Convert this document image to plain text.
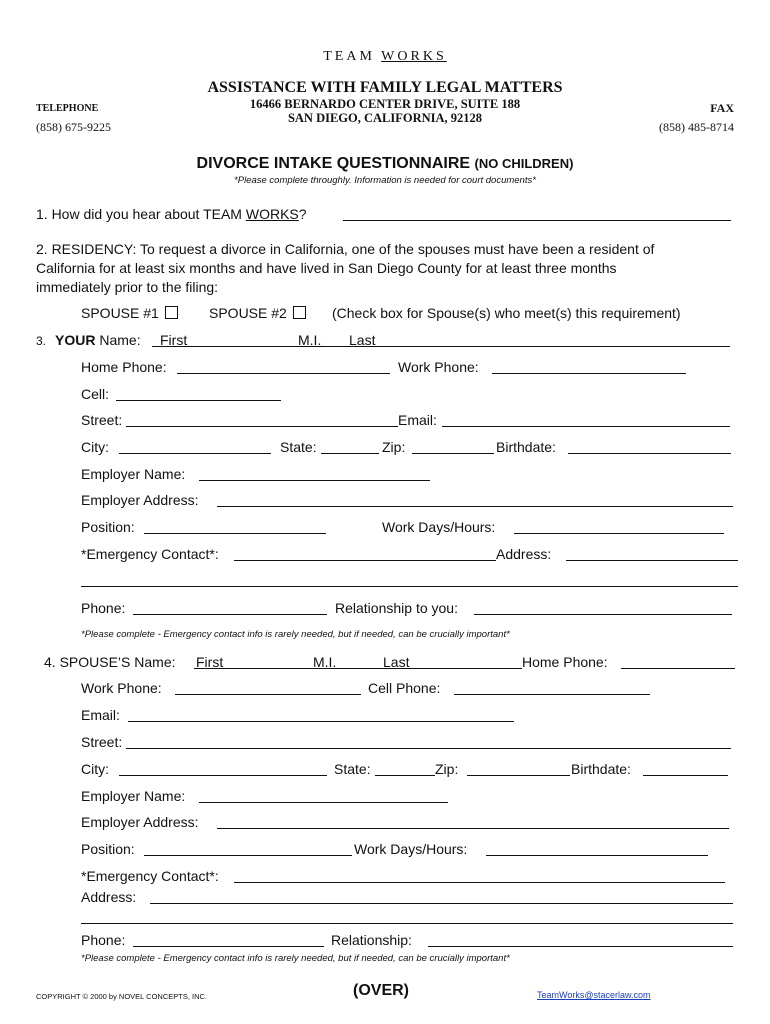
TEAM WORKS
ASSISTANCE WITH FAMILY LEGAL MATTERS
16466 BERNARDO CENTER DRIVE, SUITE 188
SAN DIEGO, CALIFORNIA, 92128
TELEPHONE
(858) 675-9225
FAX
(858) 485-8714
DIVORCE INTAKE QUESTIONNAIRE (NO CHILDREN)
*Please complete throughly. Information is needed for court documents*
1. How did you hear about TEAM WORKS?
2. RESIDENCY: To request a divorce in California, one of the spouses must have been a resident of
California for at least six months and have lived in San Diego County for at least three months
immediately prior to the filing:
SPOUSE #1	SPOUSE #2	(Check box for Spouse(s) who meet(s) this requirement)
3. YOUR Name: First	M.I. Last
Home Phone:	Work Phone:
Cell:
Street:	Email:
City:	State:	Zip:	Birthdate:
Employer Name:
Employer Address:
Position:	Work Days/Hours:
*Emergency Contact*:	Address:
Phone:	Relationship to you:
*Please complete - Emergency contact info is rarely needed, but if needed, can be crucially important*
4. SPOUSE’S Name: First	M.I.	Last	Home Phone:
Work Phone:	Cell Phone:
Email:
Street:
City:	State:	Zip:	Birthdate:
Employer Name:
Employer Address:
Position:	Work Days/Hours:
*Emergency Contact*:
Address:
Phone:	Relationship:
*Please complete - Emergency contact info is rarely needed, but if needed, can be crucially important*
COPYRIGHT © 2000 by NOVEL CONCEPTS, INC.	(OVER)	TeamWorks@stacerlaw.com
